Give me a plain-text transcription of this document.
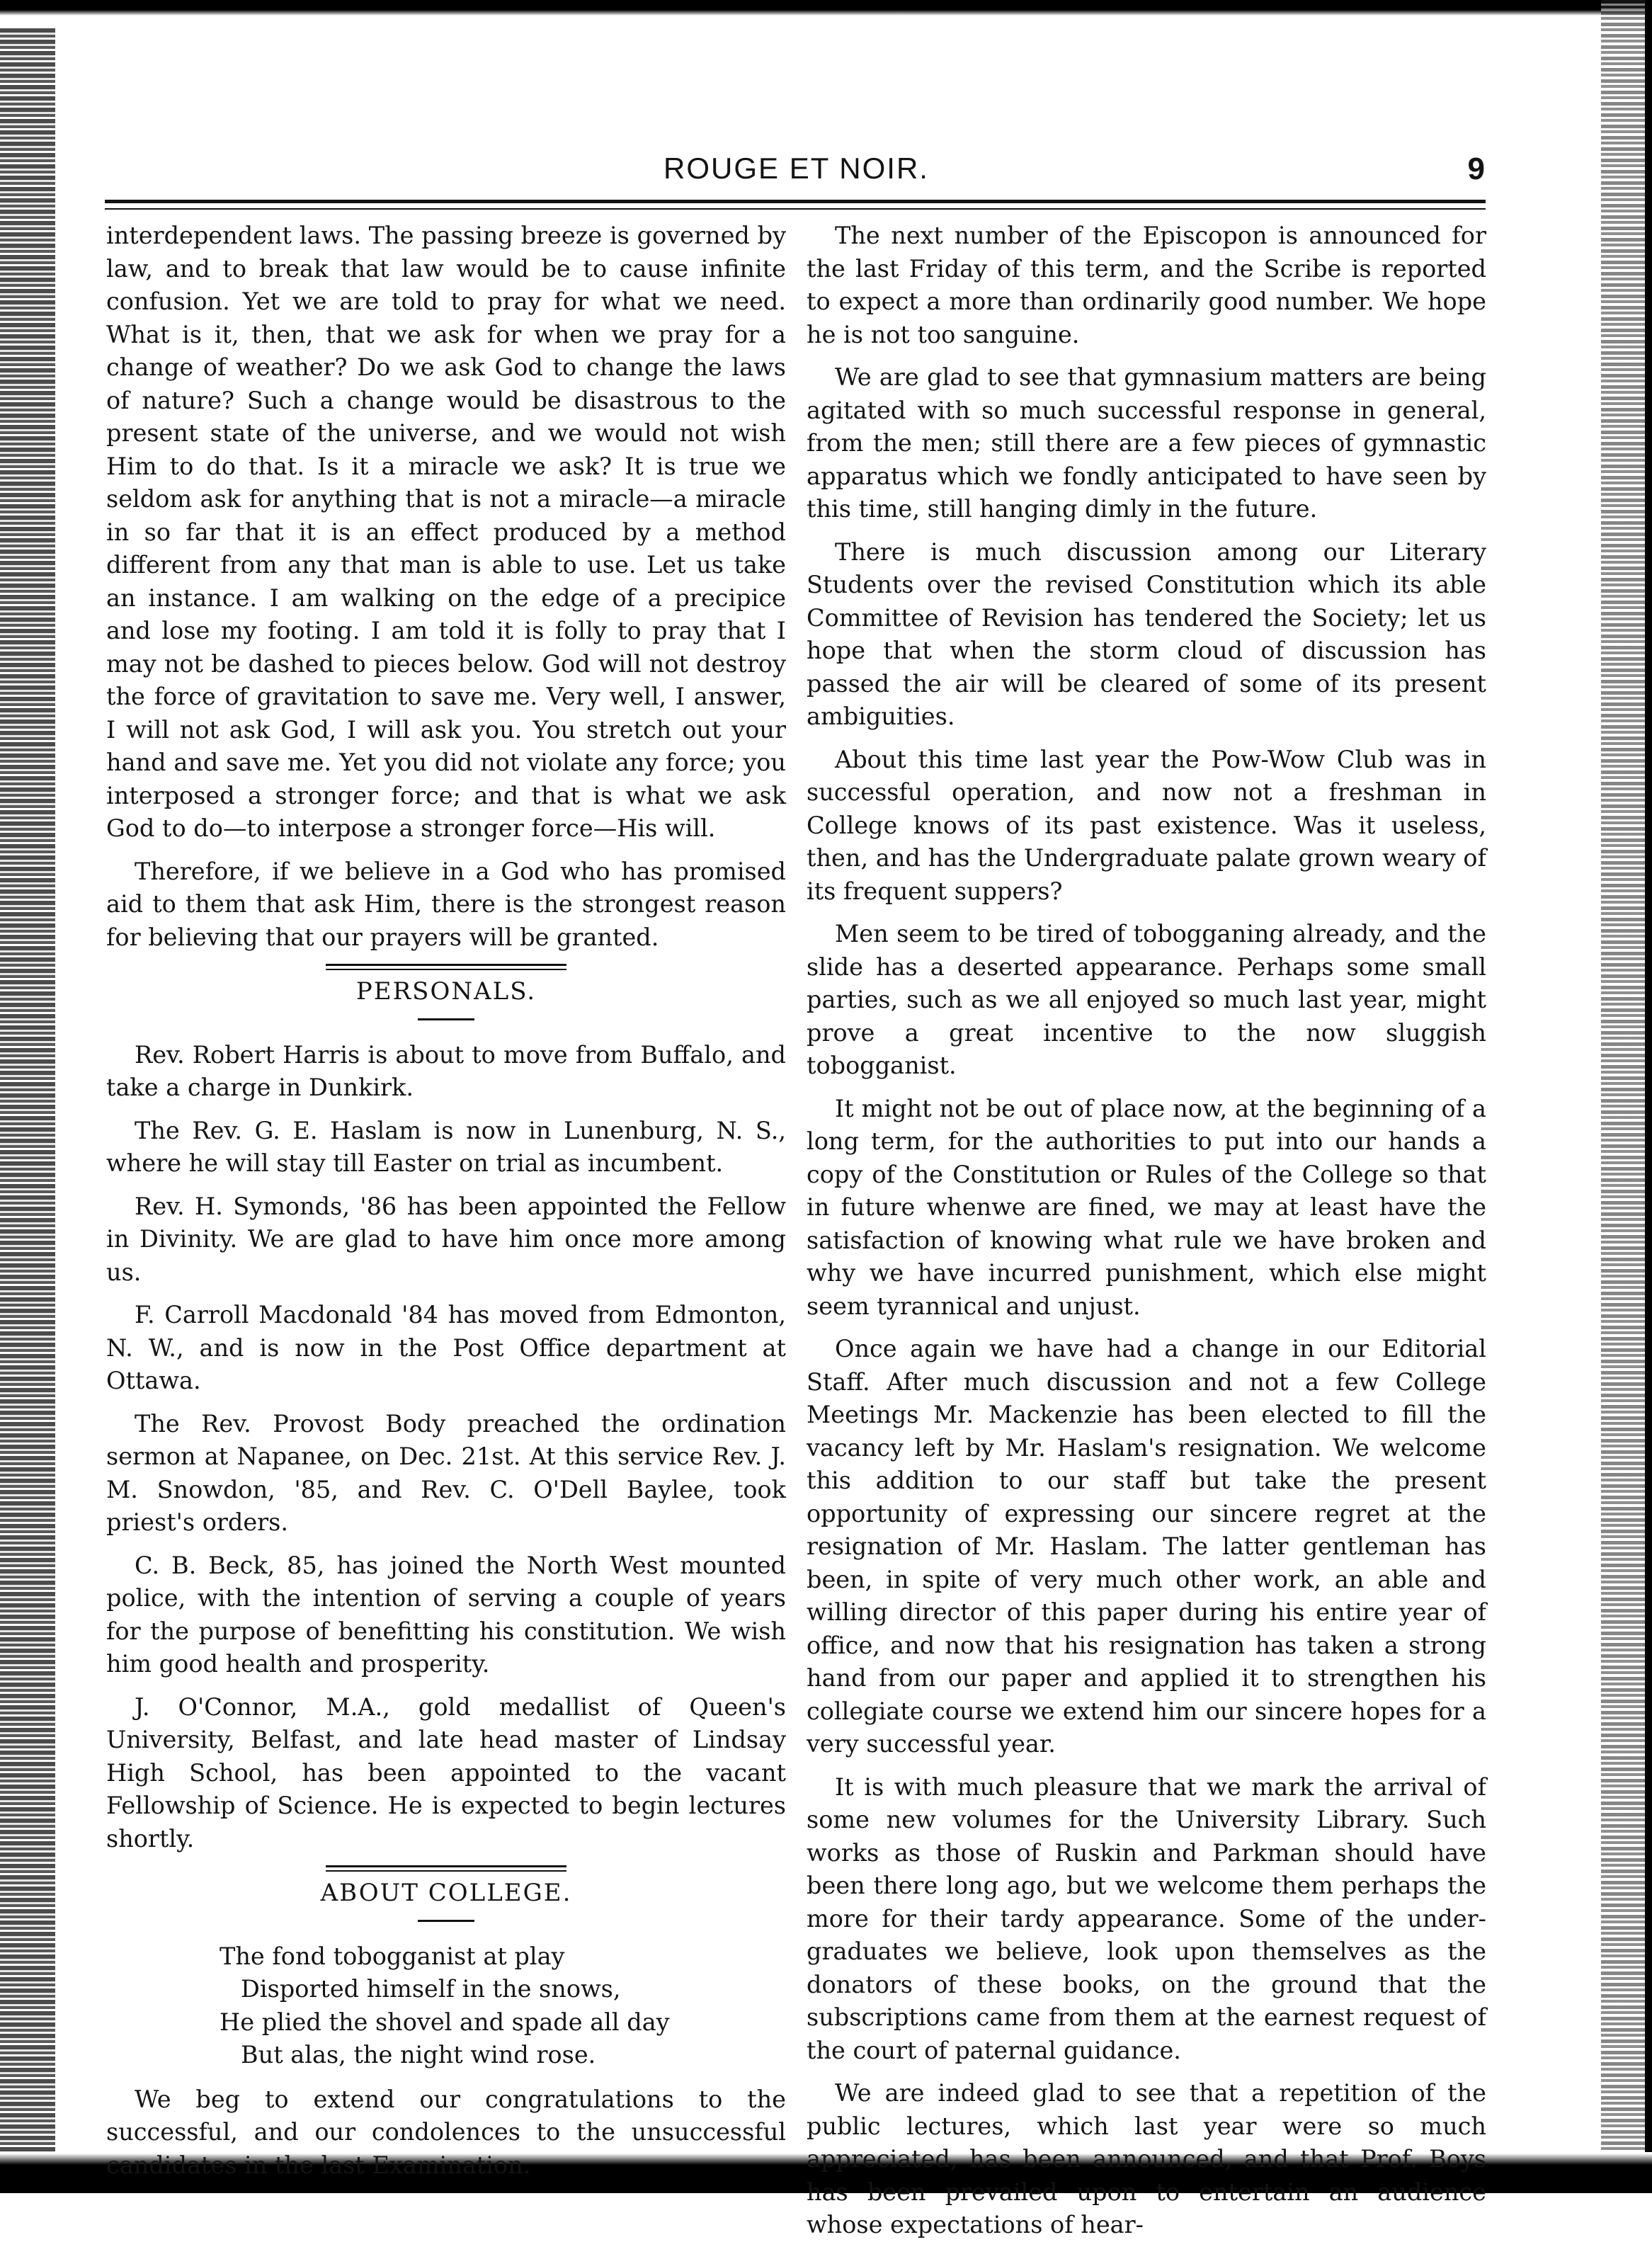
ROUGE ET NOIR.	9

interdependent laws. The passing breeze is governed by law, and to break that law would be to cause infinite confusion. Yet we are told to pray for what we need. What is it, then, that we ask for when we pray for a change of weather? Do we ask God to change the laws of nature? Such a change would be disastrous to the present state of the universe, and we would not wish Him to do that. Is it a miracle we ask? It is true we seldom ask for anything that is not a miracle—a miracle in so far that it is an effect produced by a method different from any that man is able to use. Let us take an instance. I am walking on the edge of a precipice and lose my footing. I am told it is folly to pray that I may not be dashed to pieces below. God will not destroy the force of gravitation to save me. Very well, I answer, I will not ask God, I will ask you. You stretch out your hand and save me. Yet you did not violate any force; you interposed a stronger force; and that is what we ask God to do—to interpose a stronger force—His will.

Therefore, if we believe in a God who has promised aid to them that ask Him, there is the strongest reason for believing that our prayers will be granted.

PERSONALS.

Rev. Robert Harris is about to move from Buffalo, and take a charge in Dunkirk.

The Rev. G. E. Haslam is now in Lunenburg, N. S., where he will stay till Easter on trial as incumbent.

Rev. H. Symonds, '86 has been appointed the Fellow in Divinity. We are glad to have him once more among us.

F. Carroll Macdonald '84 has moved from Edmonton, N. W., and is now in the Post Office department at Ottawa.

The Rev. Provost Body preached the ordination sermon at Napanee, on Dec. 21st. At this service Rev. J. M. Snowdon, '85, and Rev. C. O'Dell Baylee, took priest's orders.

C. B. Beck, 85, has joined the North West mounted police, with the intention of serving a couple of years for the purpose of benefitting his constitution. We wish him good health and prosperity.

J. O'Connor, M.A., gold medallist of Queen's University, Belfast, and late head master of Lindsay High School, has been appointed to the vacant Fellowship of Science. He is expected to begin lectures shortly.

ABOUT COLLEGE.
The fond tobogganist at play
Disported himself in the snows,
He plied the shovel and spade all day
But alas, the night wind rose.

We beg to extend our congratulations to the successful, and our condolences to the unsuccessful candidates in the last Examination.

The next number of the Episcopon is announced for the last Friday of this term, and the Scribe is reported to expect a more than ordinarily good number. We hope he is not too sanguine.

We are glad to see that gymnasium matters are being agitated with so much successful response in general, from the men; still there are a few pieces of gymnastic apparatus which we fondly anticipated to have seen by this time, still hanging dimly in the future.

There is much discussion among our Literary Students over the revised Constitution which its able Committee of Revision has tendered the Society; let us hope that when the storm cloud of discussion has passed the air will be cleared of some of its present ambiguities.

About this time last year the Pow-Wow Club was in successful operation, and now not a freshman in College knows of its past existence. Was it useless, then, and has the Undergraduate palate grown weary of its frequent suppers?

Men seem to be tired of tobogganing already, and the slide has a deserted appearance. Perhaps some small parties, such as we all enjoyed so much last year, might prove a great incentive to the now sluggish tobogganist.

It might not be out of place now, at the beginning of a long term, for the authorities to put into our hands a copy of the Constitution or Rules of the College so that in future whenwe are fined, we may at least have the satisfaction of knowing what rule we have broken and why we have incurred punishment, which else might seem tyrannical and unjust.

Once again we have had a change in our Editorial Staff. After much discussion and not a few College Meetings Mr. Mackenzie has been elected to fill the vacancy left by Mr. Haslam's resignation. We welcome this addition to our staff but take the present opportunity of expressing our sincere regret at the resignation of Mr. Haslam. The latter gentleman has been, in spite of very much other work, an able and willing director of this paper during his entire year of office, and now that his resignation has taken a strong hand from our paper and applied it to strengthen his collegiate course we extend him our sincere hopes for a very successful year.

It is with much pleasure that we mark the arrival of some new volumes for the University Library. Such works as those of Ruskin and Parkman should have been there long ago, but we welcome them perhaps the more for their tardy appearance. Some of the under-graduates we believe, look upon themselves as the donators of these books, on the ground that the subscriptions came from them at the earnest request of the court of paternal guidance.

We are indeed glad to see that a repetition of the public lectures, which last year were so much appreciated, has been announced, and that Prof. Boys has been prevailed upon to entertain an audience whose expectations of hear-
